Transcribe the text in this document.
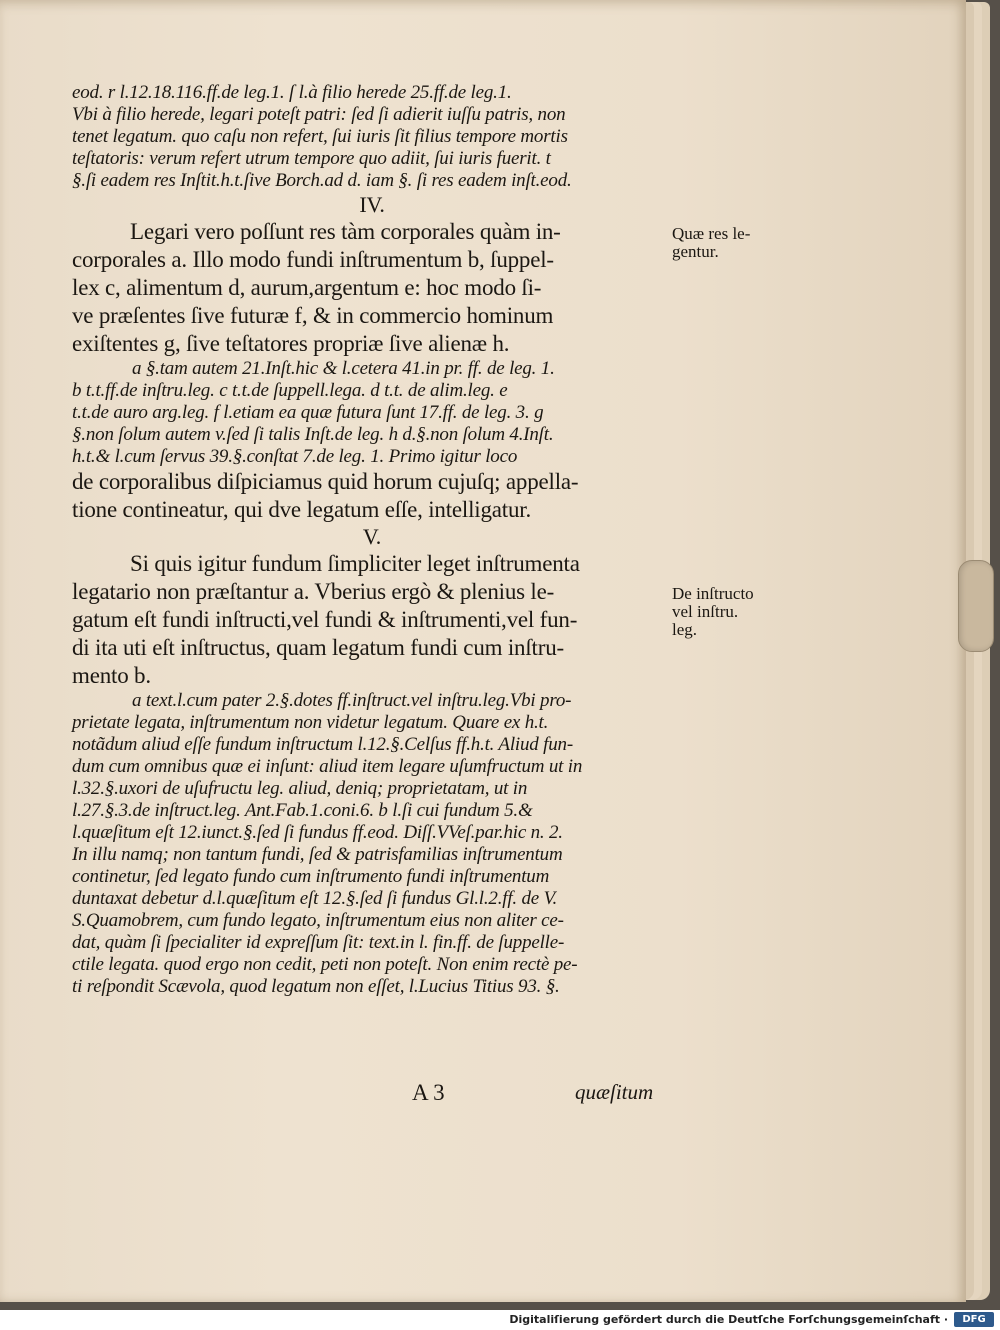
eod. r l.12.18.116.ff.de leg.1. ſ l.à filio herede 25.ff.de leg.1.
Vbi à filio herede, legari poteſt patri: ſed ſi adierit iuſſu patris, non
tenet legatum. quo caſu non refert, ſui iuris ſit filius tempore mortis
teſtatoris: verum refert utrum tempore quo adiit, ſui iuris fuerit. t
§.ſi eadem res Inſtit.h.t.ſive Borch.ad d. iam §. ſi res eadem inſt.eod.
IV.
Legari vero poſſunt res tàm corporales quàm in-
corporales a. Illo modo fundi inſtrumentum b, ſuppel-
lex c, alimentum d, aurum,argentum e: hoc modo ſi-
ve præſentes ſive futuræ f, & in commercio hominum
exiſtentes g, ſive teſtatores propriæ ſive alienæ h.
a §.tam autem 21.Inſt.hic & l.cetera 41.in pr. ff. de leg. 1.
b t.t.ff.de inſtru.leg. c t.t.de ſuppell.lega. d t.t. de alim.leg. e
t.t.de auro arg.leg. f l.etiam ea quæ futura ſunt 17.ff. de leg. 3. g
§.non ſolum autem v.ſed ſi talis Inſt.de leg. h d.§.non ſolum 4.Inſt.
h.t.& l.cum ſervus 39.§.conſtat 7.de leg. 1. Primo igitur loco
de corporalibus diſpiciamus quid horum cujuſq; appella-
tione contineatur, qui dve legatum eſſe, intelligatur.
V.
Si quis igitur fundum ſimpliciter leget inſtrumenta
legatario non præſtantur a. Vberius ergò & plenius le-
gatum eſt fundi inſtructi,vel fundi & inſtrumenti,vel fun-
di ita uti eſt inſtructus, quam legatum fundi cum inſtru-
mento b.
a text.l.cum pater 2.§.dotes ff.inſtruct.vel inſtru.leg.Vbi pro-
prietate legata, inſtrumentum non videtur legatum. Quare ex h.t.
notãdum aliud eſſe fundum inſtructum l.12.§.Celſus ff.h.t. Aliud fun-
dum cum omnibus quæ ei inſunt: aliud item legare uſumfructum ut in
l.32.§.uxori de uſufructu leg. aliud, deniq; proprietatam, ut in
l.27.§.3.de inſtruct.leg. Ant.Fab.1.coni.6. b l.ſi cui fundum 5.&
l.quæſitum eſt 12.iunct.§.ſed ſi fundus ff.eod. Diſſ.VVeſ.par.hic n. 2.
In illu namq; non tantum fundi, ſed & patrisfamilias inſtrumentum
continetur, ſed legato fundo cum inſtrumento fundi inſtrumentum
duntaxat debetur d.l.quæſitum eſt 12.§.ſed ſi fundus Gl.l.2.ff. de V.
S.Quamobrem, cum fundo legato, inſtrumentum eius non aliter ce-
dat, quàm ſi ſpecialiter id expreſſum ſit: text.in l. fin.ff. de ſuppelle-
ctile legata. quod ergo non cedit, peti non poteſt. Non enim rectè pe-
ti reſpondit Scævola, quod legatum non eſſet, l.Lucius Titius 93. §.
Quæ res le-
gentur.
De inſtructo
vel inſtru.
leg.
A 3	quæſitum
Digitaliſierung gefördert durch die Deutſche Forſchungsgemeinſchaft ·	DFG
